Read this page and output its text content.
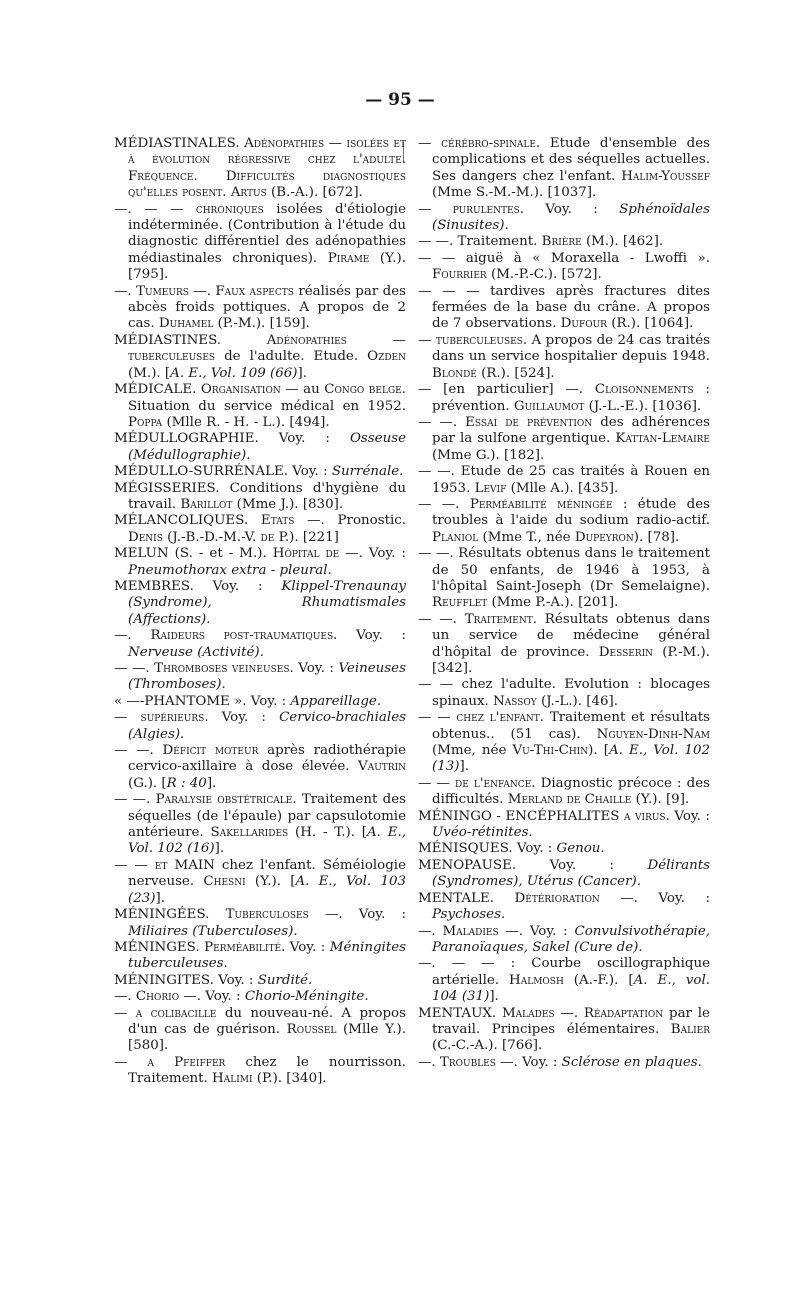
— 95 —
MÉDIASTINALES. Adénopathies — isolées et à évolution régressive chez l'adulte. Fréquence. Difficultés diagnostiques qu'elles posent. Artus (B.-A.). [672].
—. — — chroniques isolées d'étiologie indéterminée. (Contribution à l'étude du diagnostic différentiel des adénopathies médiastinales chroniques). Pirame (Y.). [795].
—. Tumeurs —. Faux aspects réalisés par des abcès froids pottiques. A propos de 2 cas. Duhamel (P.-M.). [159].
MÉDIASTINES. Adénopathies — tuberculeuses de l'adulte. Etude. Ozden (M.). [A. E., Vol. 109 (66)].
MÉDICALE. Organisation — au Congo belge. Situation du service médical en 1952. Poppa (Mlle R. - H. - L.). [494].
MÉDULLOGRAPHIE. Voy. : Osseuse (Médullographie).
MÉDULLO-SURRÉNALE. Voy. : Surrénale.
MÉGISSERIES. Conditions d'hygiène du travail. Barillot (Mme J.). [830].
MÉLANCOLIQUES. Etats —. Pronostic. Denis (J.-B.-D.-M.-V. de P.). [221]
MELUN (S. - et - M.). Hôpital de —. Voy. : Pneumothorax extra - pleural.
MEMBRES. Voy. : Klippel-Trenaunay (Syndrome), Rhumatismales (Affections).
—. Raideurs post-traumatiques. Voy. : Nerveuse (Activité).
— —. Thromboses veineuses. Voy. : Veineuses (Thromboses).
« —-PHANTOME ». Voy. : Appareillage.
— supérieurs. Voy. : Cervico-brachiales (Algies).
— —. Déficit moteur après radiothérapie cervico-axillaire à dose élevée. Vautrin (G.). [R : 40].
— —. Paralysie obstétricale. Traitement des séquelles (de l'épaule) par capsulotomie antérieure. Sakellarides (H. - T.). [A. E., Vol. 102 (16)].
— — et MAIN chez l'enfant. Séméiologie nerveuse. Chesni (Y.). [A. E., Vol. 103 (23)].
MÉNINGÉES. Tuberculoses —. Voy. : Miliaires (Tuberculoses).
MÉNINGES. Perméabilité. Voy. : Méningites tuberculeuses.
MÉNINGITES. Voy. : Surdité.
—. Chorio —. Voy. : Chorio-Méningite.
— a colibacille du nouveau-né. A propos d'un cas de guérison. Roussel (Mlle Y.). [580].
— a Pfeiffer chez le nourrisson. Traitement. Halimi (P.). [340].
— cérébro-spinale. Etude d'ensemble des complications et des séquelles actuelles. Ses dangers chez l'enfant. Halim-Youssef (Mme S.-M.-M.). [1037].
— purulentes. Voy. : Sphénoïdales (Sinusites).
— —. Traitement. Brière (M.). [462].
— — aiguë à « Moraxella - Lwoffi ». Fourrier (M.-P.-C.). [572].
— — — tardives après fractures dites fermées de la base du crâne. A propos de 7 observations. Dufour (R.). [1064].
— tuberculeuses. A propos de 24 cas traités dans un service hospitalier depuis 1948. Blondé (R.). [524].
— [en particulier] —. Cloisonnements : prévention. Guillaumot (J.-L.-E.). [1036].
— —. Essai de prévention des adhérences par la sulfone argentique. Kattan-Lemaire (Mme G.). [182].
— —. Etude de 25 cas traités à Rouen en 1953. Levif (Mlle A.). [435].
— —. Perméabilité méningée : étude des troubles à l'aide du sodium radio-actif. Planiol (Mme T., née Dupeyron). [78].
— —. Résultats obtenus dans le traitement de 50 enfants, de 1946 à 1953, à l'hôpital Saint-Joseph (Dr Semelaigne). Reufflet (Mme P.-A.). [201].
— —. Traitement. Résultats obtenus dans un service de médecine général d'hôpital de province. Desserin (P.-M.). [342].
— — chez l'adulte. Evolution : blocages spinaux. Nassoy (J.-L.). [46].
— — chez l'enfant. Traitement et résultats obtenus.. (51 cas). Nguyen-Dinh-Nam (Mme, née Vu-Thi-Chin). [A. E., Vol. 102 (13)].
— — de l'enfance. Diagnostic précoce : des difficultés. Merland de Chaille (Y.). [9].
MÉNINGO - ENCÉPHALITES a virus. Voy. : Uvéo-rétinites.
MÉNISQUES. Voy. : Genou.
MENOPAUSE. Voy. : Délirants (Syndromes), Utérus (Cancer).
MENTALE. Détérioration —. Voy. : Psychoses.
—. Maladies —. Voy. : Convulsivothérapie, Paranoïaques, Sakel (Cure de).
—. — — : Courbe oscillographique artérielle. Halmosh (A.-F.). [A. E., vol. 104 (31)].
MENTAUX. Malades —. Réadaptation par le travail. Principes élémentaires. Balier (C.-C.-A.). [766].
—. Troubles —. Voy. : Sclérose en plaques.
